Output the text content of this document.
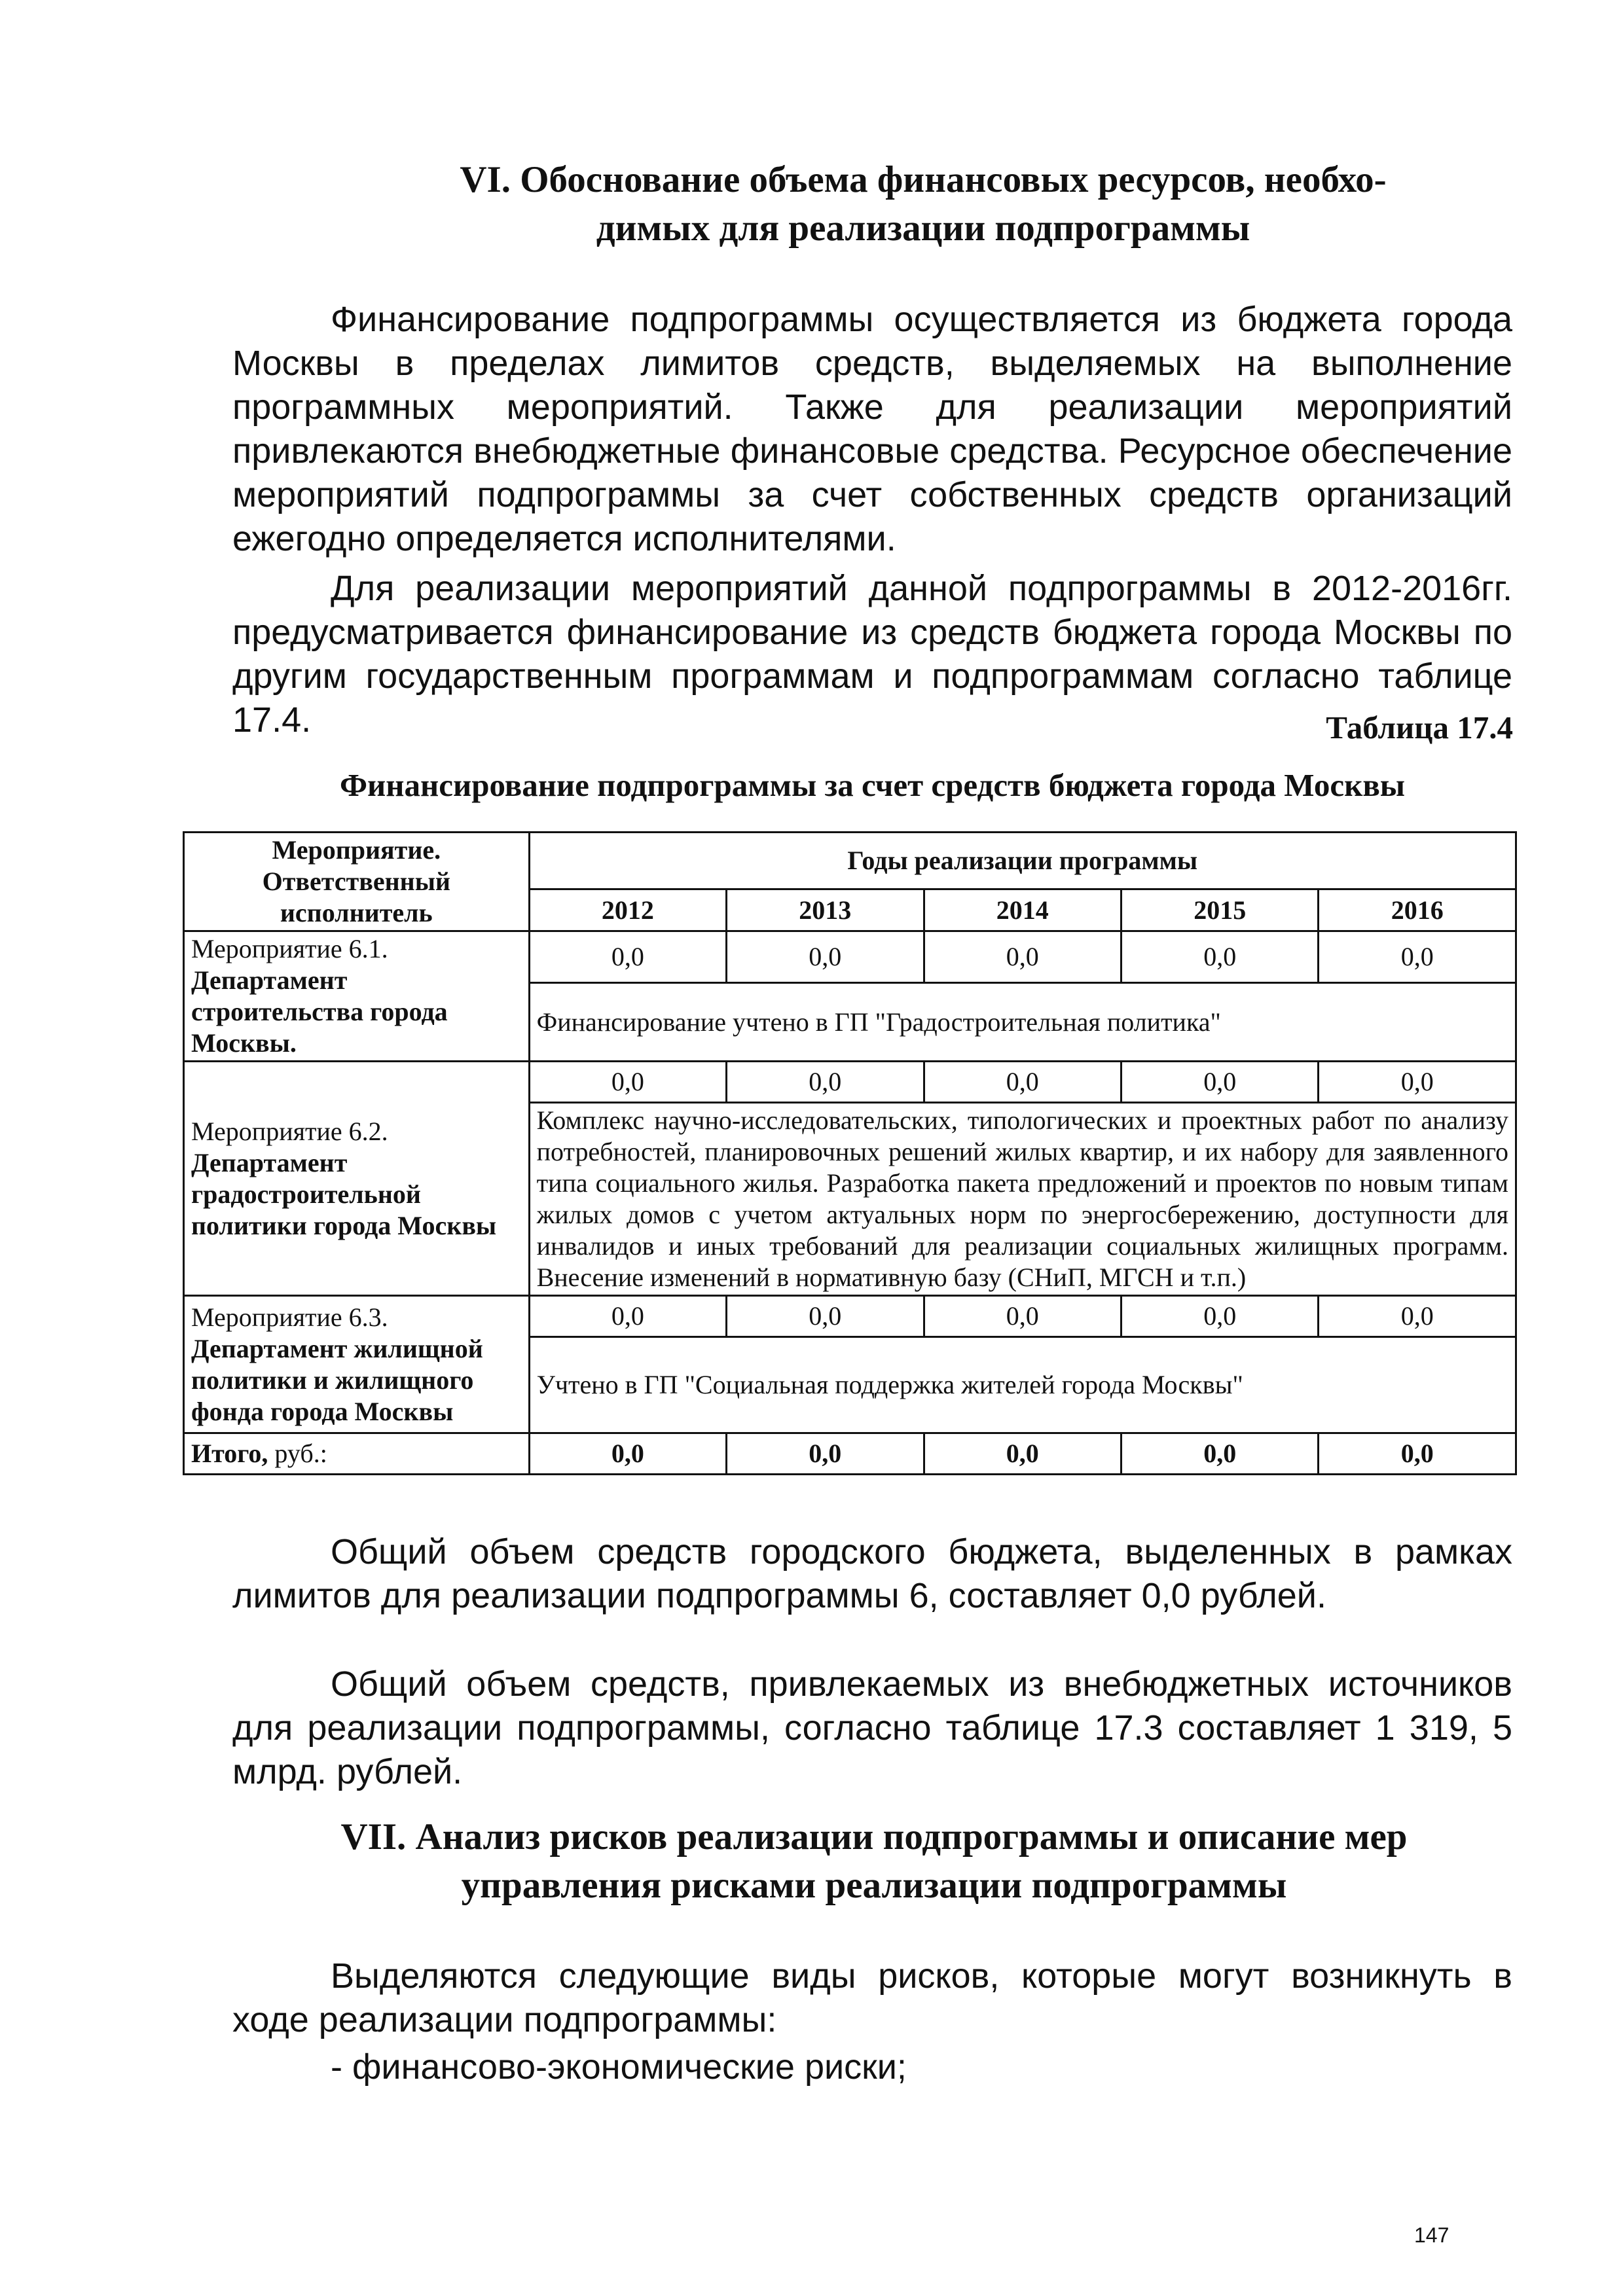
VI. Обоснование объема финансовых ресурсов, необхо-
димых для реализации подпрограммы

Финансирование подпрограммы осуществляется из бюджета города Москвы в пределах лимитов средств, выделяемых на выполнение программных мероприятий. Также для реализации мероприятий привлекаются внебюджетные финансовые средства. Ресурсное обеспечение мероприятий подпрограммы за счет собственных средств организаций ежегодно определяется исполнителями.

Для реализации мероприятий данной подпрограммы в 2012-2016гг. предусматривается финансирование из средств бюджета города Москвы по другим государственным программам и подпрограммам согласно таблице 17.4.	Таблица 17.4
Финансирование подпрограммы за счет средств бюджета города Москвы
Мероприятие.
Ответственный
исполнитель	Годы реализации программы				
	2012	2013	2014	2015	2016
Мероприятие 6.1. Департамент строительства города Москвы.	0,0	0,0	0,0	0,0	0,0
	Финансирование учтено в ГП "Градостроительная политика"				
Мероприятие 6.2. Департамент градостроительной политики города Москвы	0,0	0,0	0,0	0,0	0,0
	Комплекс научно-исследовательских, типологических и проектных работ по анализу потребностей, планировочных решений жилых квартир, и их набору для заявленного типа социального жилья. Разработка пакета предложений и проектов по новым типам жилых домов с учетом актуальных норм по энергосбережению, доступности для инвалидов и иных требований для реализации социальных жилищных программ. Внесение изменений в нормативную базу (СНиП, МГСН и т.п.)				
Мероприятие 6.3. Департамент жилищной политики и жилищного фонда города Москвы	0,0	0,0	0,0	0,0	0,0
	Учтено в ГП "Социальная поддержка жителей города Москвы"				
Итого, руб.:	0,0	0,0	0,0	0,0	0,0

Общий объем средств городского бюджета, выделенных в рамках лимитов для реализации подпрограммы 6, составляет 0,0 рублей.

Общий объем средств, привлекаемых из внебюджетных источников для реализации подпрограммы, согласно таблице 17.3 составляет 1 319, 5 млрд. рублей.

VII. Анализ рисков реализации подпрограммы и описание мер
управления рисками реализации подпрограммы

Выделяются следующие виды рисков, которые могут возникнуть в ходе реализации подпрограммы:

- финансово-экономические риски;

147
